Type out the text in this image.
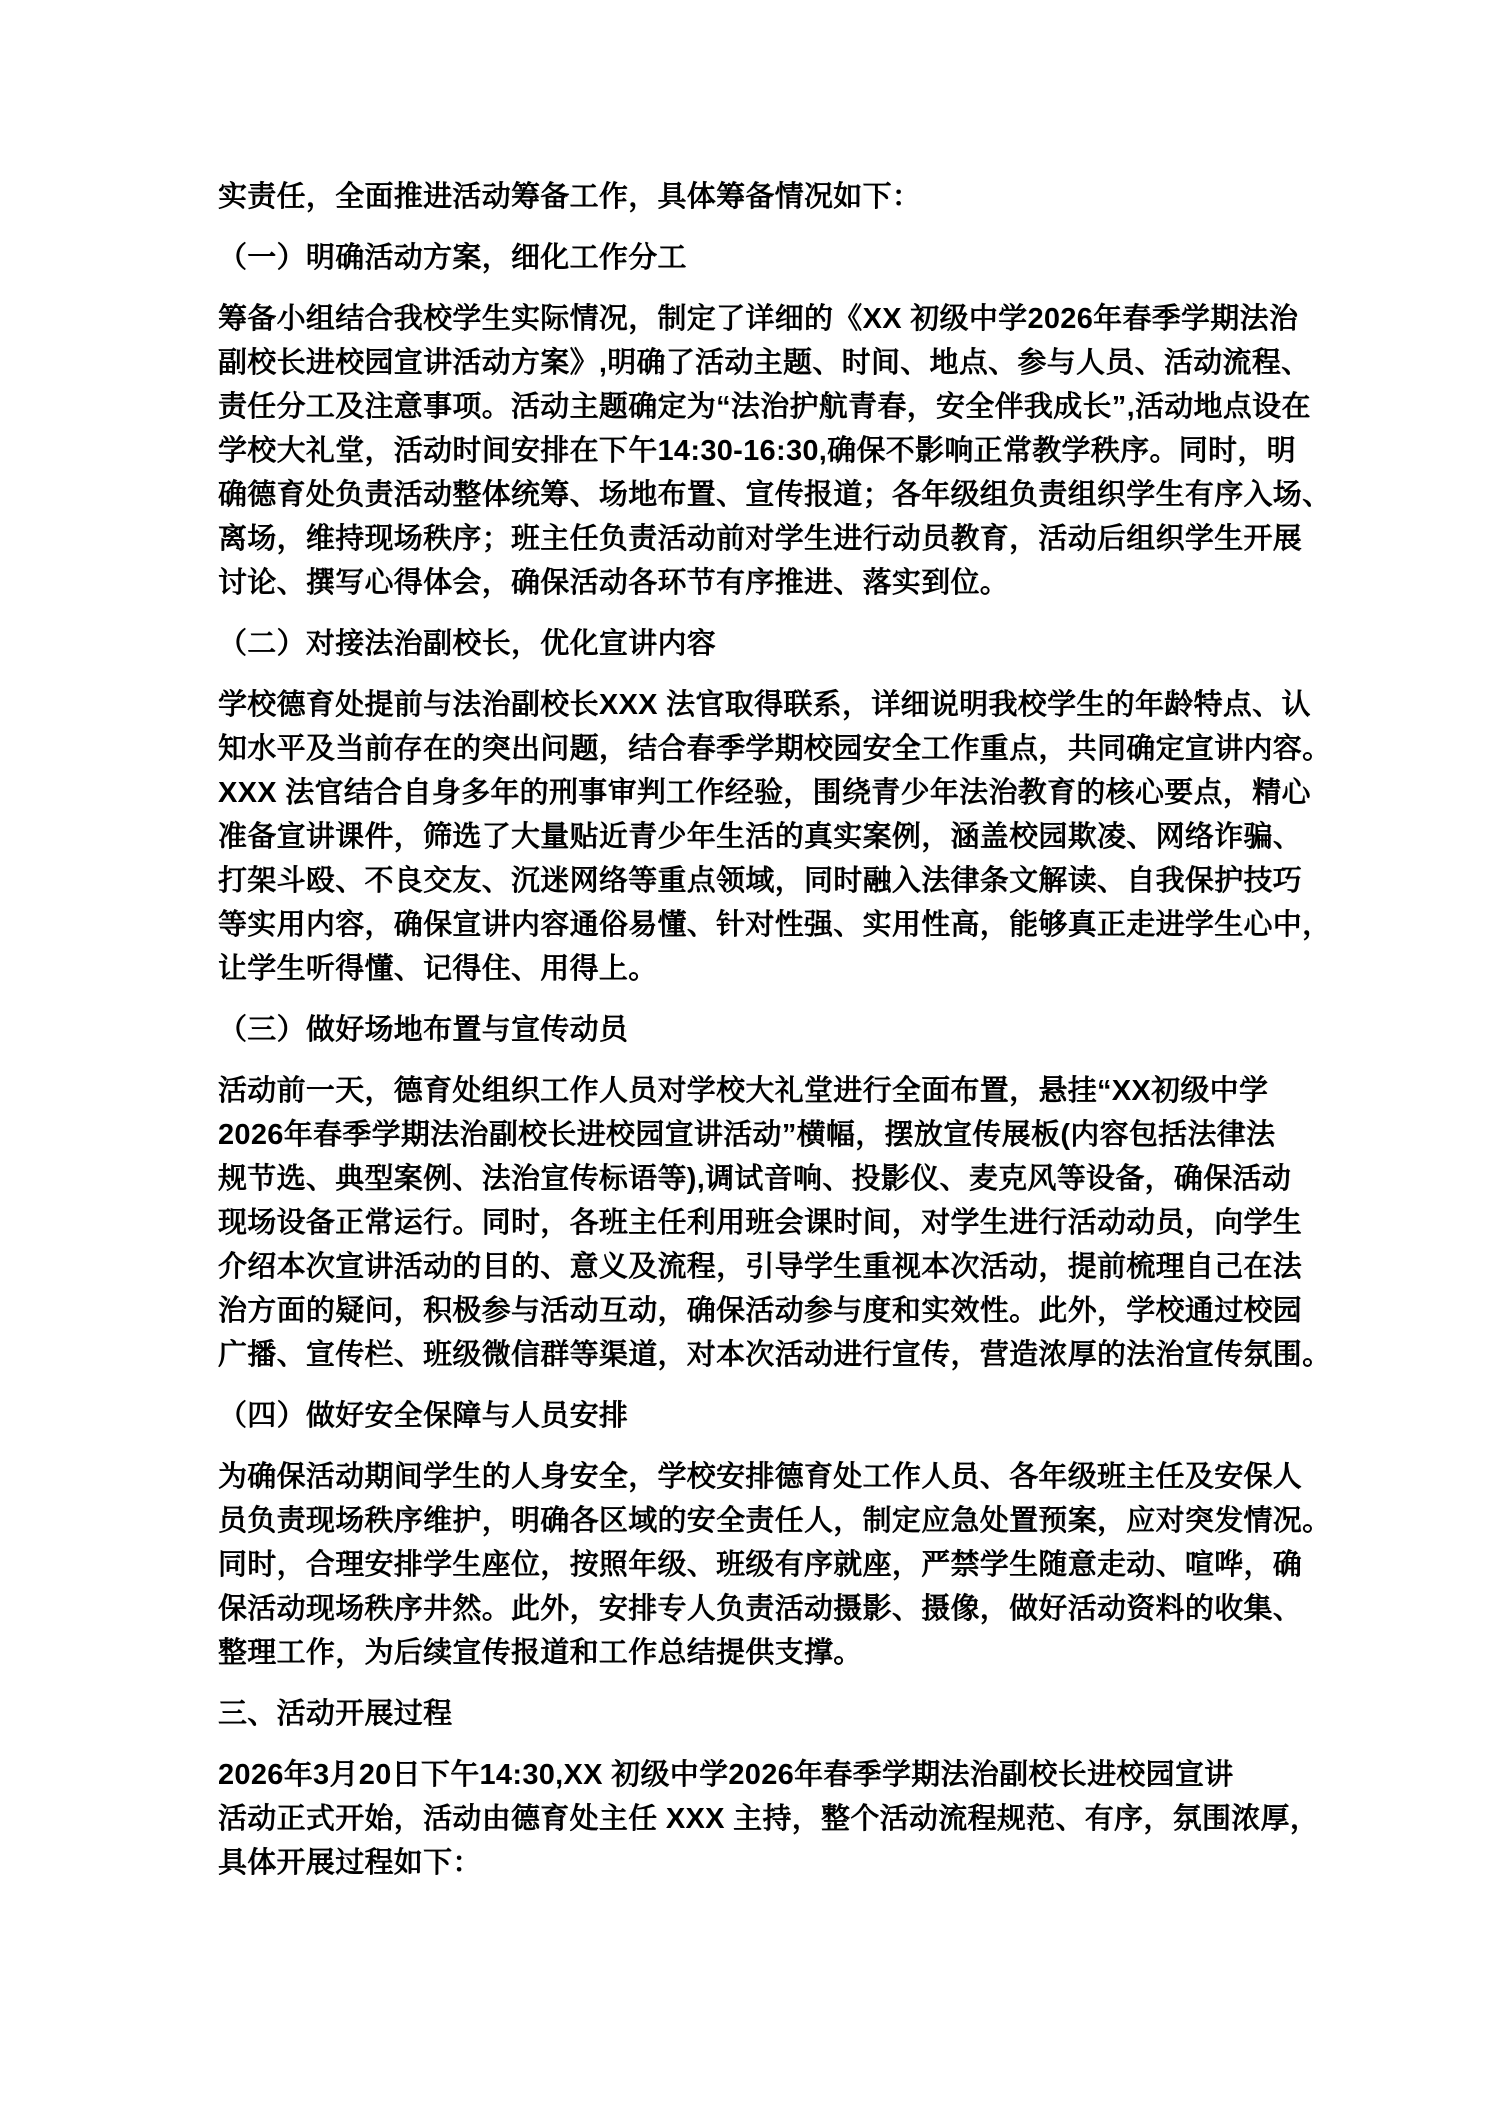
实责任，全面推进活动筹备工作，具体筹备情况如下：
（一）明确活动方案，细化工作分工
筹备小组结合我校学生实际情况，制定了详细的《XX 初级中学2026年春季学期法治
副校长进校园宣讲活动方案》,明确了活动主题、时间、地点、参与人员、活动流程、
责任分工及注意事项。活动主题确定为“法治护航青春，安全伴我成长”,活动地点设在
学校大礼堂，活动时间安排在下午14:30-16:30,确保不影响正常教学秩序。同时，明
确德育处负责活动整体统筹、场地布置、宣传报道；各年级组负责组织学生有序入场、
离场，维持现场秩序；班主任负责活动前对学生进行动员教育，活动后组织学生开展
讨论、撰写心得体会，确保活动各环节有序推进、落实到位。
（二）对接法治副校长，优化宣讲内容
学校德育处提前与法治副校长XXX 法官取得联系，详细说明我校学生的年龄特点、认
知水平及当前存在的突出问题，结合春季学期校园安全工作重点，共同确定宣讲内容。
XXX 法官结合自身多年的刑事审判工作经验，围绕青少年法治教育的核心要点，精心
准备宣讲课件，筛选了大量贴近青少年生活的真实案例，涵盖校园欺凌、网络诈骗、
打架斗殴、不良交友、沉迷网络等重点领域，同时融入法律条文解读、自我保护技巧
等实用内容，确保宣讲内容通俗易懂、针对性强、实用性高，能够真正走进学生心中，
让学生听得懂、记得住、用得上。
（三）做好场地布置与宣传动员
活动前一天，德育处组织工作人员对学校大礼堂进行全面布置，悬挂“XX初级中学
2026年春季学期法治副校长进校园宣讲活动”横幅，摆放宣传展板(内容包括法律法
规节选、典型案例、法治宣传标语等),调试音响、投影仪、麦克风等设备，确保活动
现场设备正常运行。同时，各班主任利用班会课时间，对学生进行活动动员，向学生
介绍本次宣讲活动的目的、意义及流程，引导学生重视本次活动，提前梳理自己在法
治方面的疑问，积极参与活动互动，确保活动参与度和实效性。此外，学校通过校园
广播、宣传栏、班级微信群等渠道，对本次活动进行宣传，营造浓厚的法治宣传氛围。
（四）做好安全保障与人员安排
为确保活动期间学生的人身安全，学校安排德育处工作人员、各年级班主任及安保人
员负责现场秩序维护，明确各区域的安全责任人，制定应急处置预案，应对突发情况。
同时，合理安排学生座位，按照年级、班级有序就座，严禁学生随意走动、喧哗，确
保活动现场秩序井然。此外，安排专人负责活动摄影、摄像，做好活动资料的收集、
整理工作，为后续宣传报道和工作总结提供支撑。
三、活动开展过程
2026年3月20日下午14:30,XX 初级中学2026年春季学期法治副校长进校园宣讲
活动正式开始，活动由德育处主任 XXX 主持，整个活动流程规范、有序，氛围浓厚，
具体开展过程如下：
